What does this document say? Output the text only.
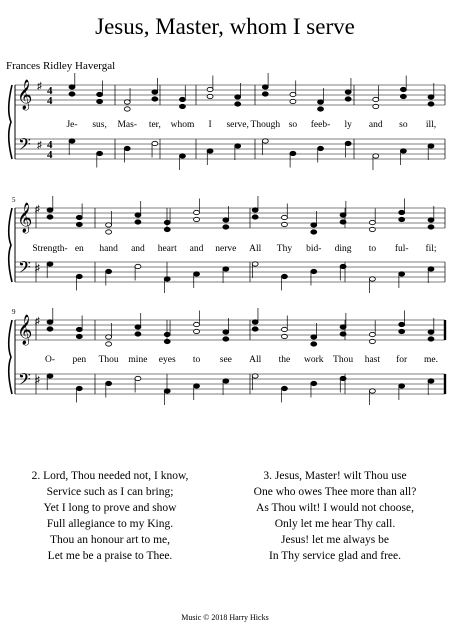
Jesus, Master, whom I serve
Frances Ridley Havergal
𝄞 ♯ 4
4
𝄢 ♯ 4
4
Je- sus, Mas- ter, whom I serve, Though so feeb- ly and so ill,
𝄞 ♯
𝄢 ♯
5
Strength- en hand and heart and nerve All Thy bid- ding to ful- fil;
𝄞 ♯
𝄢 ♯
9
O- pen Thou mine eyes to see All the work Thou hast for me.
2. Lord, Thou needed not, I know,
Service such as I can bring;
Yet I long to prove and show
Full allegiance to my King.
Thou an honour art to me,
Let me be a praise to Thee.
3. Jesus, Master! wilt Thou use
One who owes Thee more than all?
As Thou wilt! I would not choose,
Only let me hear Thy call.
Jesus! let me always be
In Thy service glad and free.
Music © 2018 Harry Hicks
